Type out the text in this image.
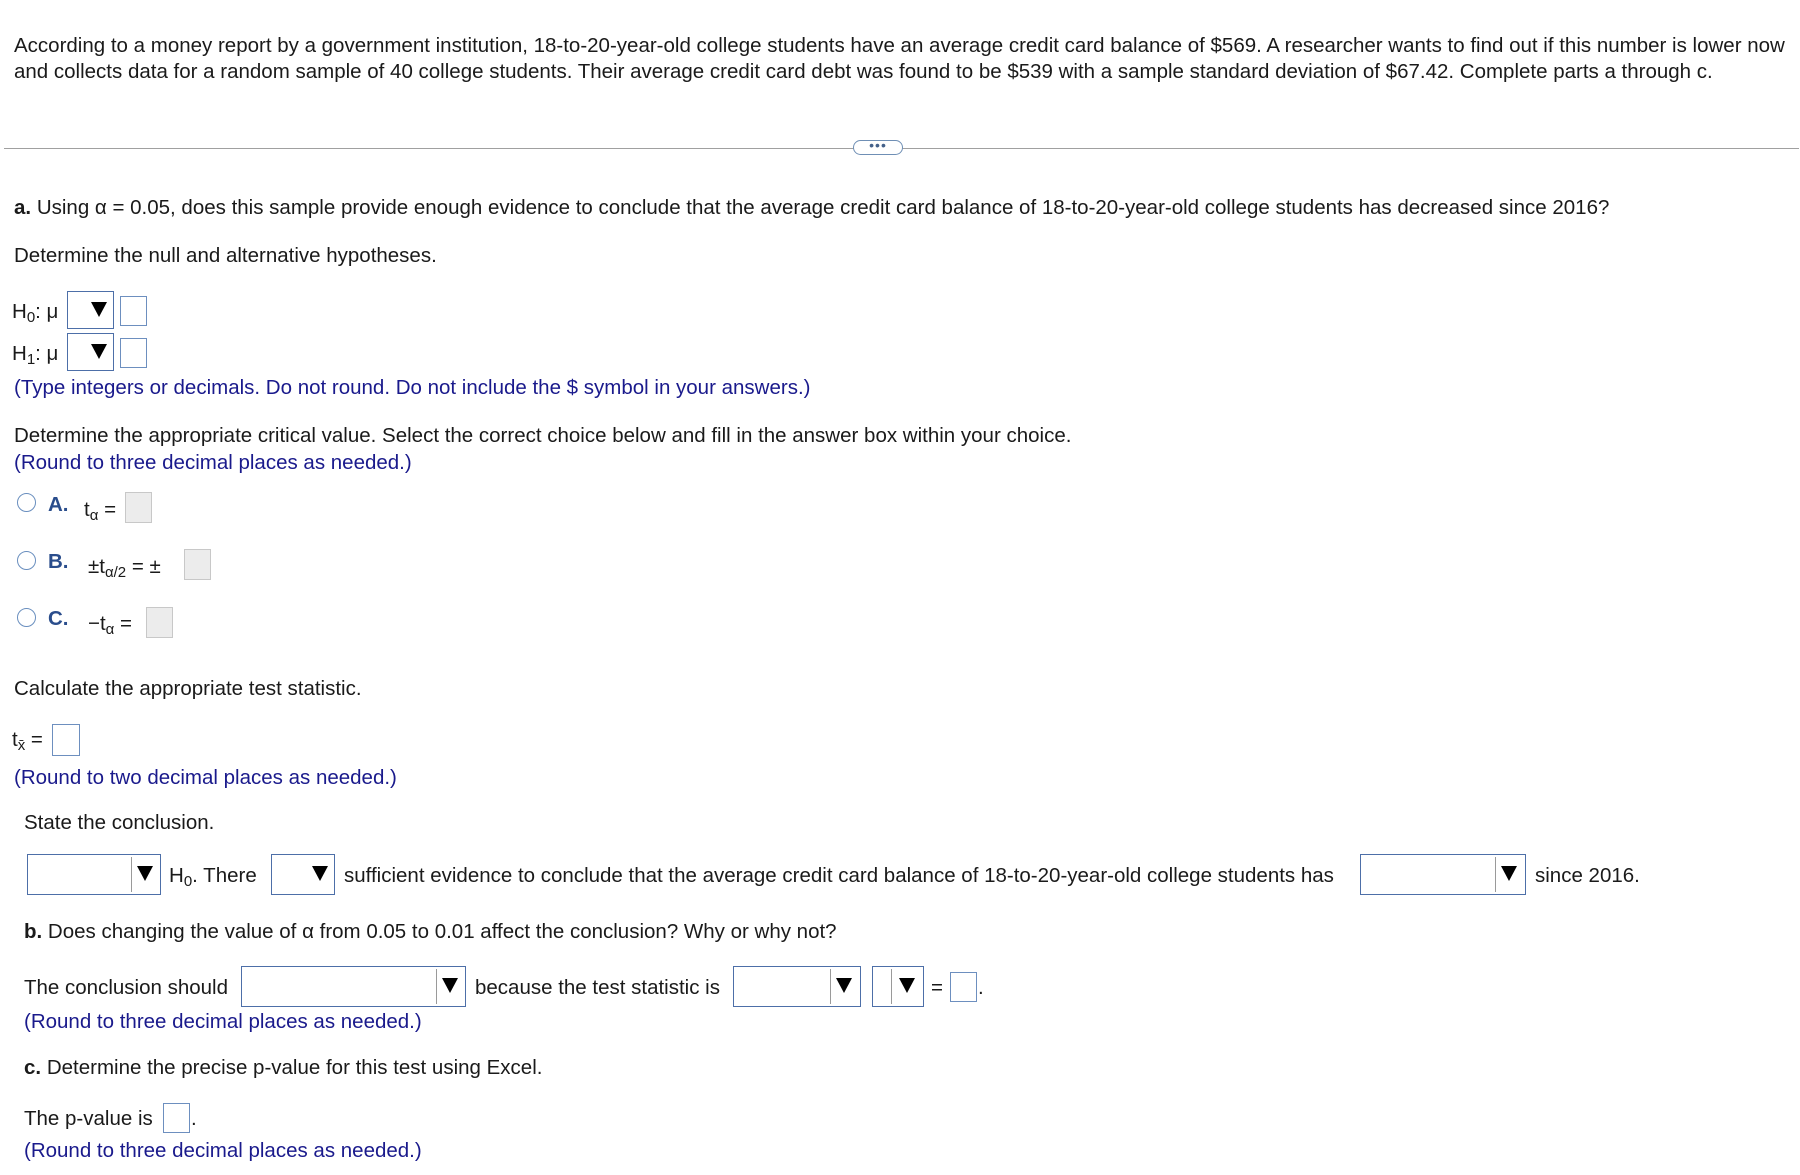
According to a money report by a government institution, 18-to-20-year-old college students have an average credit card balance of $569. A researcher wants to find out if this number is lower now and collects data for a random sample of 40 college students. Their average credit card debt was found to be $539 with a sample standard deviation of $67.42. Complete parts a through c.
•••
a. Using α = 0.05, does this sample provide enough evidence to conclude that the average credit card balance of 18-to-20-year-old college students has decreased since 2016?
Determine the null and alternative hypotheses.
$H_0$: μ
$H_1$: μ
(Type integers or decimals. Do not round. Do not include the $ symbol in your answers.)
Determine the appropriate critical value. Select the correct choice below and fill in the answer box within your choice.
(Round to three decimal places as needed.)
A. $t_\alpha$ =
B. $\pm t_{\alpha/2}$ = ±
C. $-t_\alpha$ =
Calculate the appropriate test statistic.
$t_{x̄}$ =
(Round to two decimal places as needed.)
State the conclusion.
$H_0$. There	sufficient evidence to conclude that the average credit card balance of 18-to-20-year-old college students has	since 2016.
b. Does changing the value of α from 0.05 to 0.01 affect the conclusion? Why or why not?
The conclusion should	because the test statistic is	= .
(Round to three decimal places as needed.)
c. Determine the precise p-value for this test using Excel.
The p-value is .
(Round to three decimal places as needed.)
